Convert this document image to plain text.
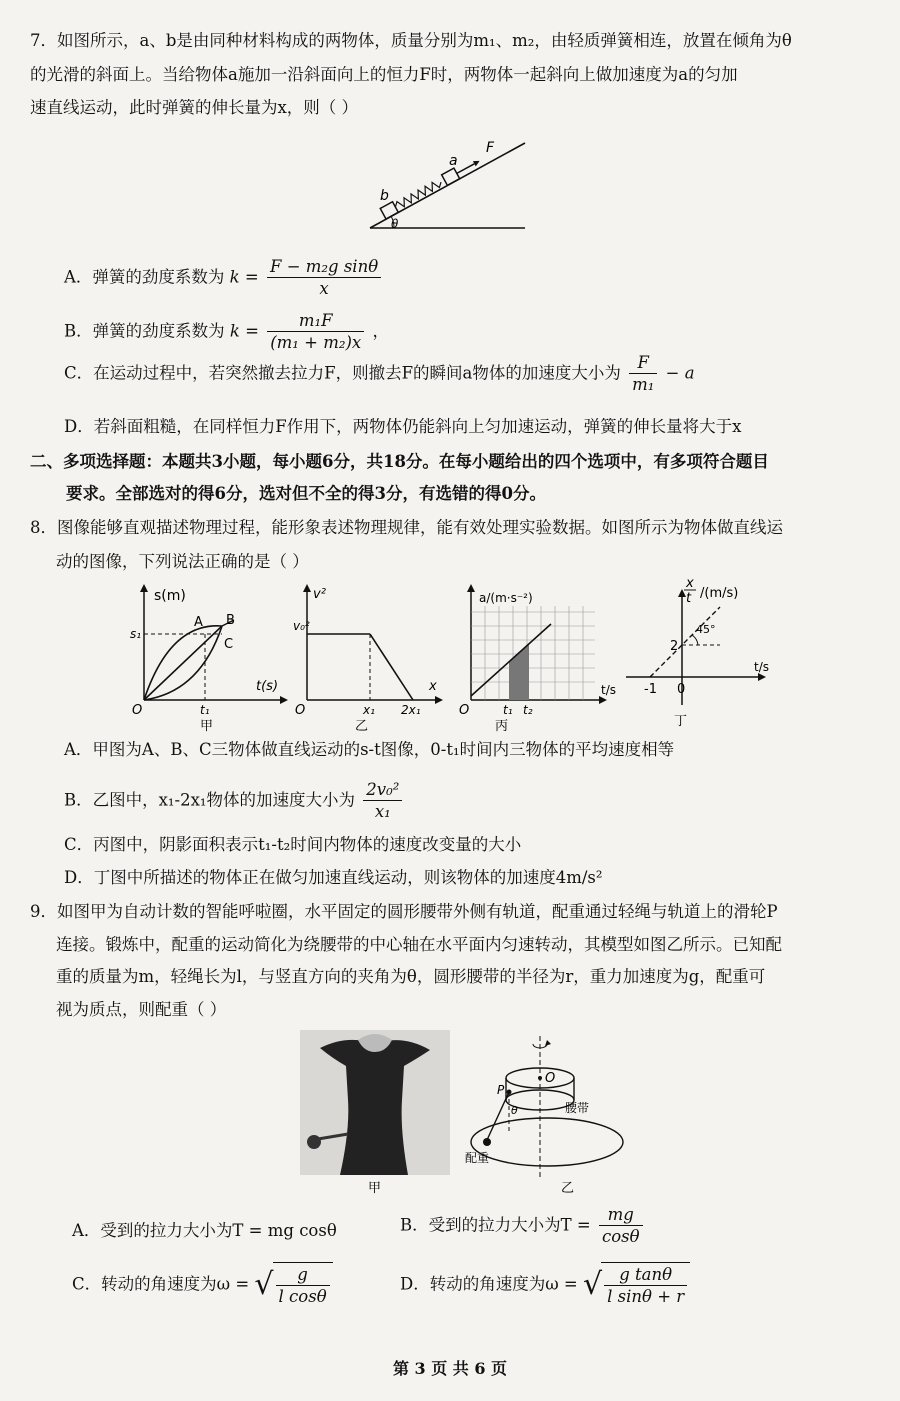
7．如图所示，a、b是由同种材料构成的两物体，质量分别为m₁、m₂，由轻质弹簧相连，放置在倾角为θ
的光滑的斜面上。当给物体a施加一沿斜面向上的恒力F时，两物体一起斜向上做加速度为a的匀加
速直线运动，此时弹簧的伸长量为x，则（ ）
b
a
F
θ
A．弹簧的劲度系数为 $k = \frac{\text{F − m₂g sinθ}}{x}$
B．弹簧的劲度系数为 $k = \frac{\text{m₁F}}{\text{(m₁ + m₂)x}}$ ，
C．在运动过程中，若突然撤去拉力F，则撤去F的瞬间a物体的加速度大小为 $\frac{F}{\text{m₁}} - a$
D．若斜面粗糙，在同样恒力F作用下，两物体仍能斜向上匀加速运动，弹簧的伸长量将大于x
二、多项选择题：本题共3小题，每小题6分，共18分。在每小题给出的四个选项中，有多项符合题目
要求。全部选对的得6分，选对但不全的得3分，有选错的得0分。
8．图像能够直观描述物理过程，能形象表述物理规律，能有效处理实验数据。如图所示为物体做直线运
动的图像，下列说法正确的是（ ）
s(m)
t(s)
s₁
t₁
A B
C
O
甲
v²
v₀²
x₁ 2x₁
x
O
乙
a/(m·s⁻²)
t/s
t₁ t₂
O
丙
x
t /(m/s)
2
-1 0
45°
t/s
丁
A．甲图为A、B、C三物体做直线运动的s-t图像，0-t₁时间内三物体的平均速度相等
B．乙图中，x₁-2x₁物体的加速度大小为 $\frac{\text{2v₀²}}{\text{x₁}}$
C．丙图中，阴影面积表示t₁-t₂时间内物体的速度改变量的大小
D．丁图中所描述的物体正在做匀加速直线运动，则该物体的加速度4m/s²
9．如图甲为自动计数的智能呼啦圈，水平固定的圆形腰带外侧有轨道，配重通过轻绳与轨道上的滑轮P
连接。锻炼中，配重的运动简化为绕腰带的中心轴在水平面内匀速转动，其模型如图乙所示。已知配
重的质量为m，轻绳长为l，与竖直方向的夹角为θ，圆形腰带的半径为r，重力加速度为g，配重可
视为质点，则配重（ ）
甲
P
O
θ	腰带
配重
乙
A．受到的拉力大小为T = mg cosθ	B．受到的拉力大小为$T = \frac{mg}{\cos\theta}$
C．转动的角速度为ω = √ $\frac{g}{\text{l cosθ}}$	D．转动的角速度为ω = √ $\frac{\text{g tanθ}}{\text{l sinθ + r}}$
第 3 页 共 6 页
